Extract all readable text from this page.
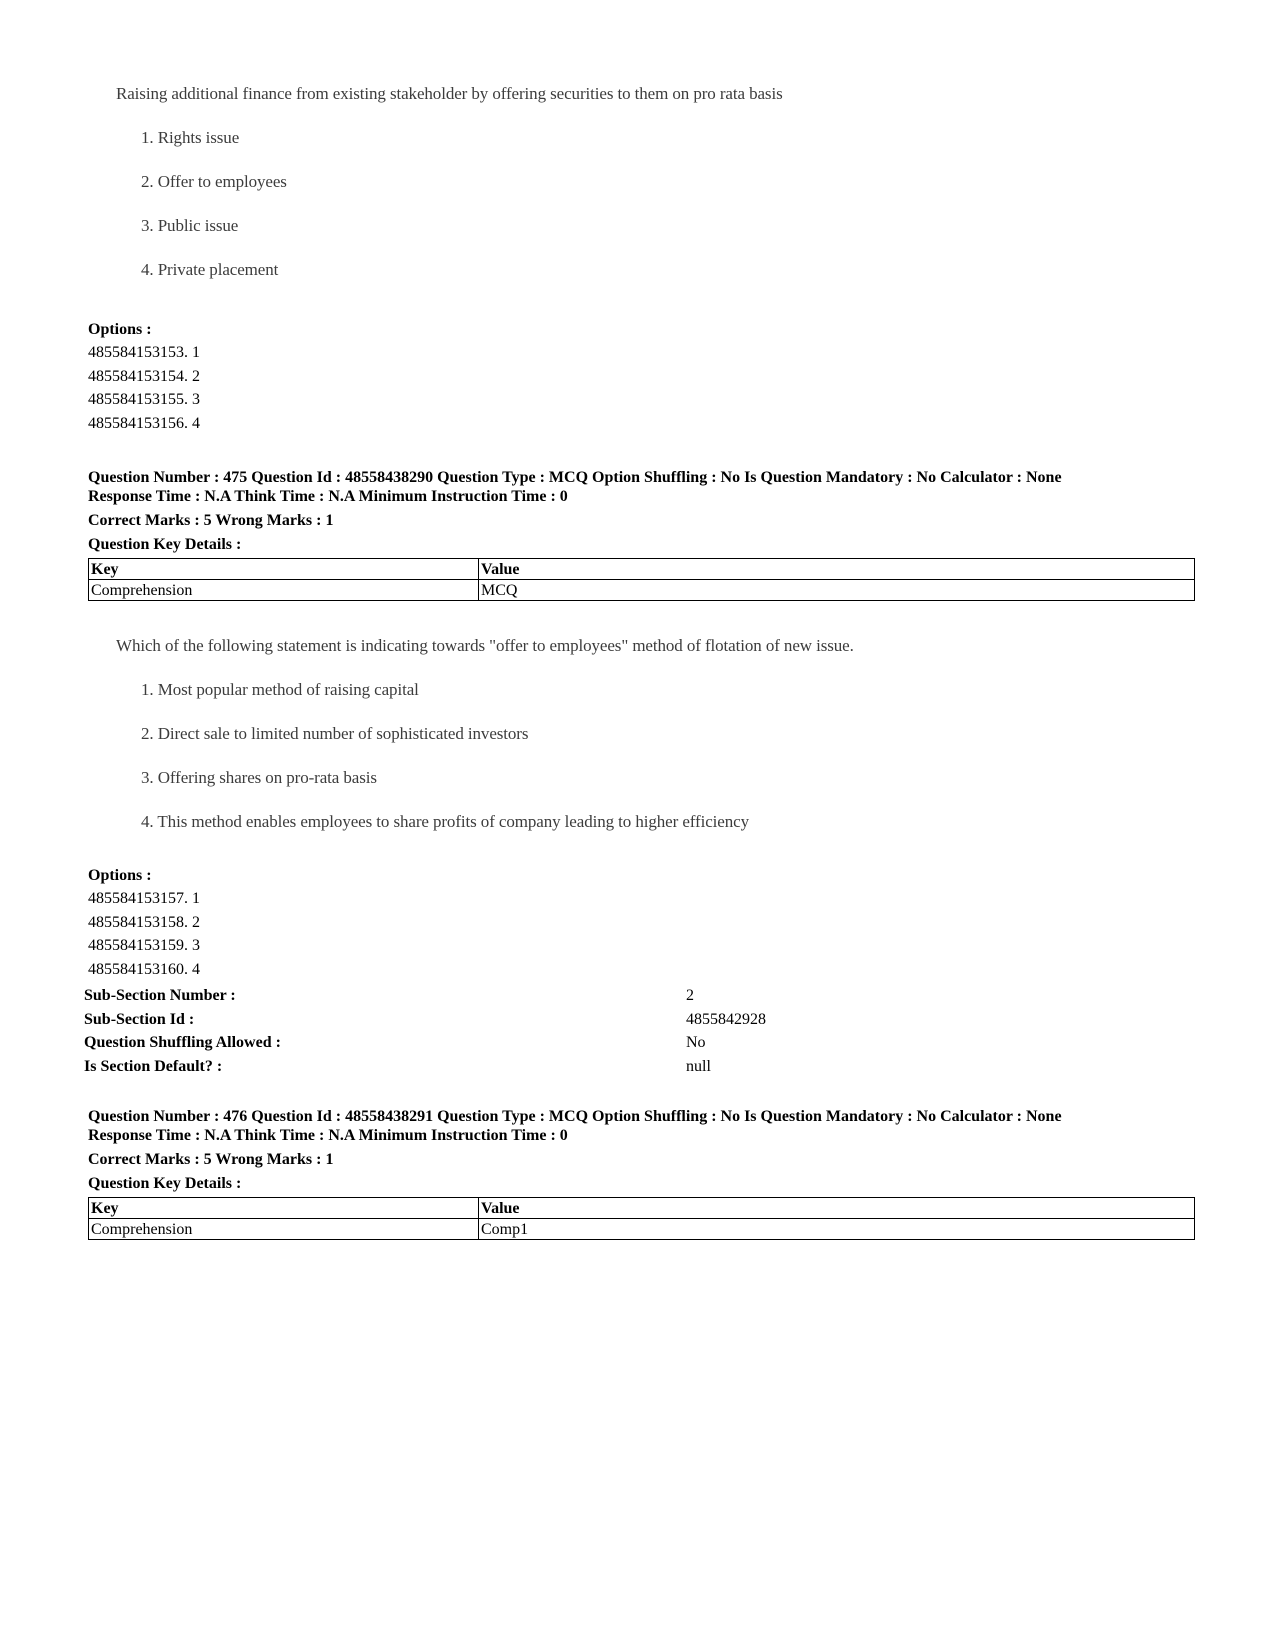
Raising additional finance from existing stakeholder by offering securities to them on pro rata basis
1. Rights issue
2. Offer to employees
3. Public issue
4. Private placement
Options :
485584153153. 1
485584153154. 2
485584153155. 3
485584153156. 4
Question Number : 475 Question Id : 48558438290 Question Type : MCQ Option Shuffling : No Is Question Mandatory : No Calculator : None
Response Time : N.A Think Time : N.A Minimum Instruction Time : 0
Correct Marks : 5 Wrong Marks : 1
Question Key Details :
Key	Value
Comprehension	MCQ
Which of the following statement is indicating towards "offer to employees" method of flotation of new issue.
1. Most popular method of raising capital
2. Direct sale to limited number of sophisticated investors
3. Offering shares on pro-rata basis
4. This method enables employees to share profits of company leading to higher efficiency
Options :
485584153157. 1
485584153158. 2
485584153159. 3
485584153160. 4
Sub-Section Number :	2
Sub-Section Id :	4855842928
Question Shuffling Allowed :	No
Is Section Default? :	null
Question Number : 476 Question Id : 48558438291 Question Type : MCQ Option Shuffling : No Is Question Mandatory : No Calculator : None
Response Time : N.A Think Time : N.A Minimum Instruction Time : 0
Correct Marks : 5 Wrong Marks : 1
Question Key Details :
Key	Value
Comprehension	Comp1
